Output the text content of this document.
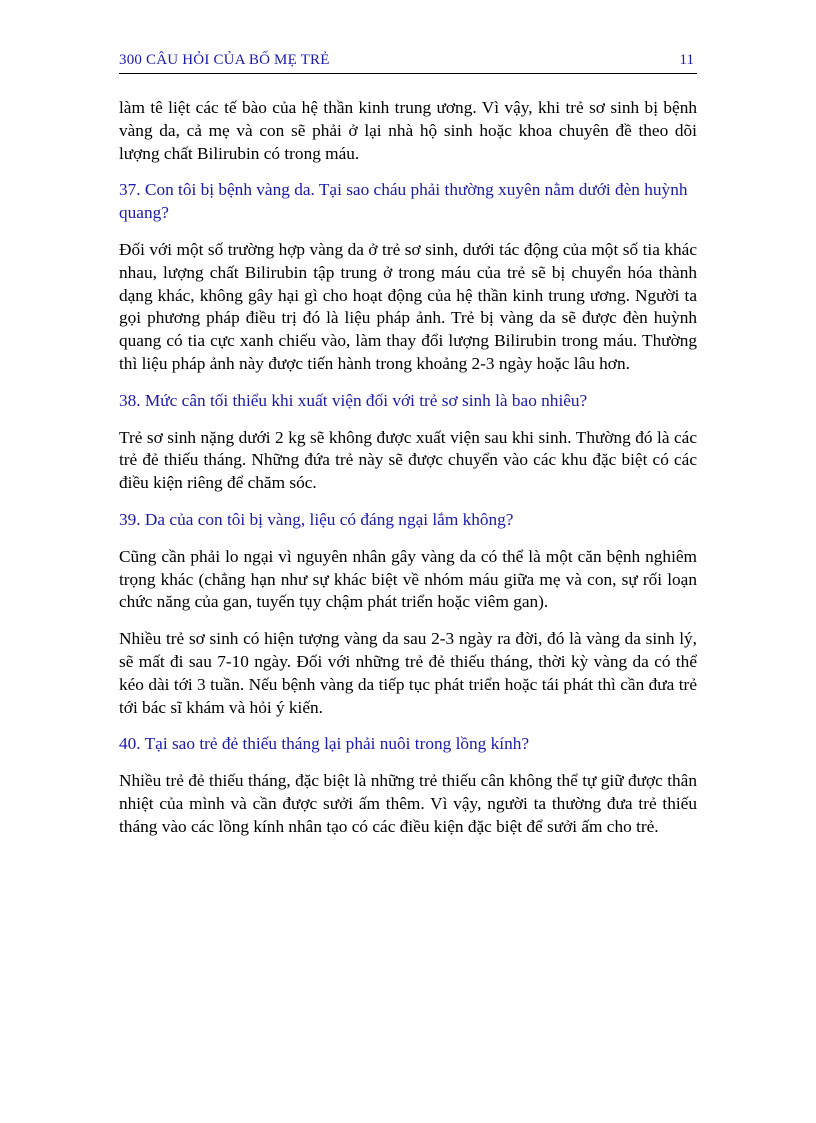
300 CÂU HỎI CỦA BỐ MẸ TRẺ	11

làm tê liệt các tế bào của hệ thần kinh trung ương. Vì vậy, khi trẻ sơ sinh bị bệnh vàng da, cả mẹ và con sẽ phải ở lại nhà hộ sinh hoặc khoa chuyên đề theo dõi lượng chất Bilirubin có trong máu.

37. Con tôi bị bệnh vàng da. Tại sao cháu phải thường xuyên nằm dưới đèn huỳnh quang?

Đối với một số trường hợp vàng da ở trẻ sơ sinh, dưới tác động của một số tia khác nhau, lượng chất Bilirubin tập trung ở trong máu của trẻ sẽ bị chuyển hóa thành dạng khác, không gây hại gì cho hoạt động của hệ thần kinh trung ương. Người ta gọi phương pháp điều trị đó là liệu pháp ảnh. Trẻ bị vàng da sẽ được đèn huỳnh quang có tia cực xanh chiếu vào, làm thay đổi lượng Bilirubin trong máu. Thường thì liệu pháp ảnh này được tiến hành trong khoảng 2-3 ngày hoặc lâu hơn.

38. Mức cân tối thiểu khi xuất viện đối với trẻ sơ sinh là bao nhiêu?

Trẻ sơ sinh nặng dưới 2 kg sẽ không được xuất viện sau khi sinh. Thường đó là các trẻ đẻ thiếu tháng. Những đứa trẻ này sẽ được chuyển vào các khu đặc biệt có các điều kiện riêng để chăm sóc.

39. Da của con tôi bị vàng, liệu có đáng ngại lắm không?

Cũng cần phải lo ngại vì nguyên nhân gây vàng da có thể là một căn bệnh nghiêm trọng khác (chẳng hạn như sự khác biệt về nhóm máu giữa mẹ và con, sự rối loạn chức năng của gan, tuyến tụy chậm phát triển hoặc viêm gan).

Nhiều trẻ sơ sinh có hiện tượng vàng da sau 2-3 ngày ra đời, đó là vàng da sinh lý, sẽ mất đi sau 7-10 ngày. Đối với những trẻ đẻ thiếu tháng, thời kỳ vàng da có thể kéo dài tới 3 tuần. Nếu bệnh vàng da tiếp tục phát triển hoặc tái phát thì cần đưa trẻ tới bác sĩ khám và hỏi ý kiến.

40. Tại sao trẻ đẻ thiếu tháng lại phải nuôi trong lồng kính?

Nhiều trẻ đẻ thiếu tháng, đặc biệt là những trẻ thiếu cân không thể tự giữ được thân nhiệt của mình và cần được sưởi ấm thêm. Vì vậy, người ta thường đưa trẻ thiếu tháng vào các lồng kính nhân tạo có các điều kiện đặc biệt để sưởi ấm cho trẻ.
